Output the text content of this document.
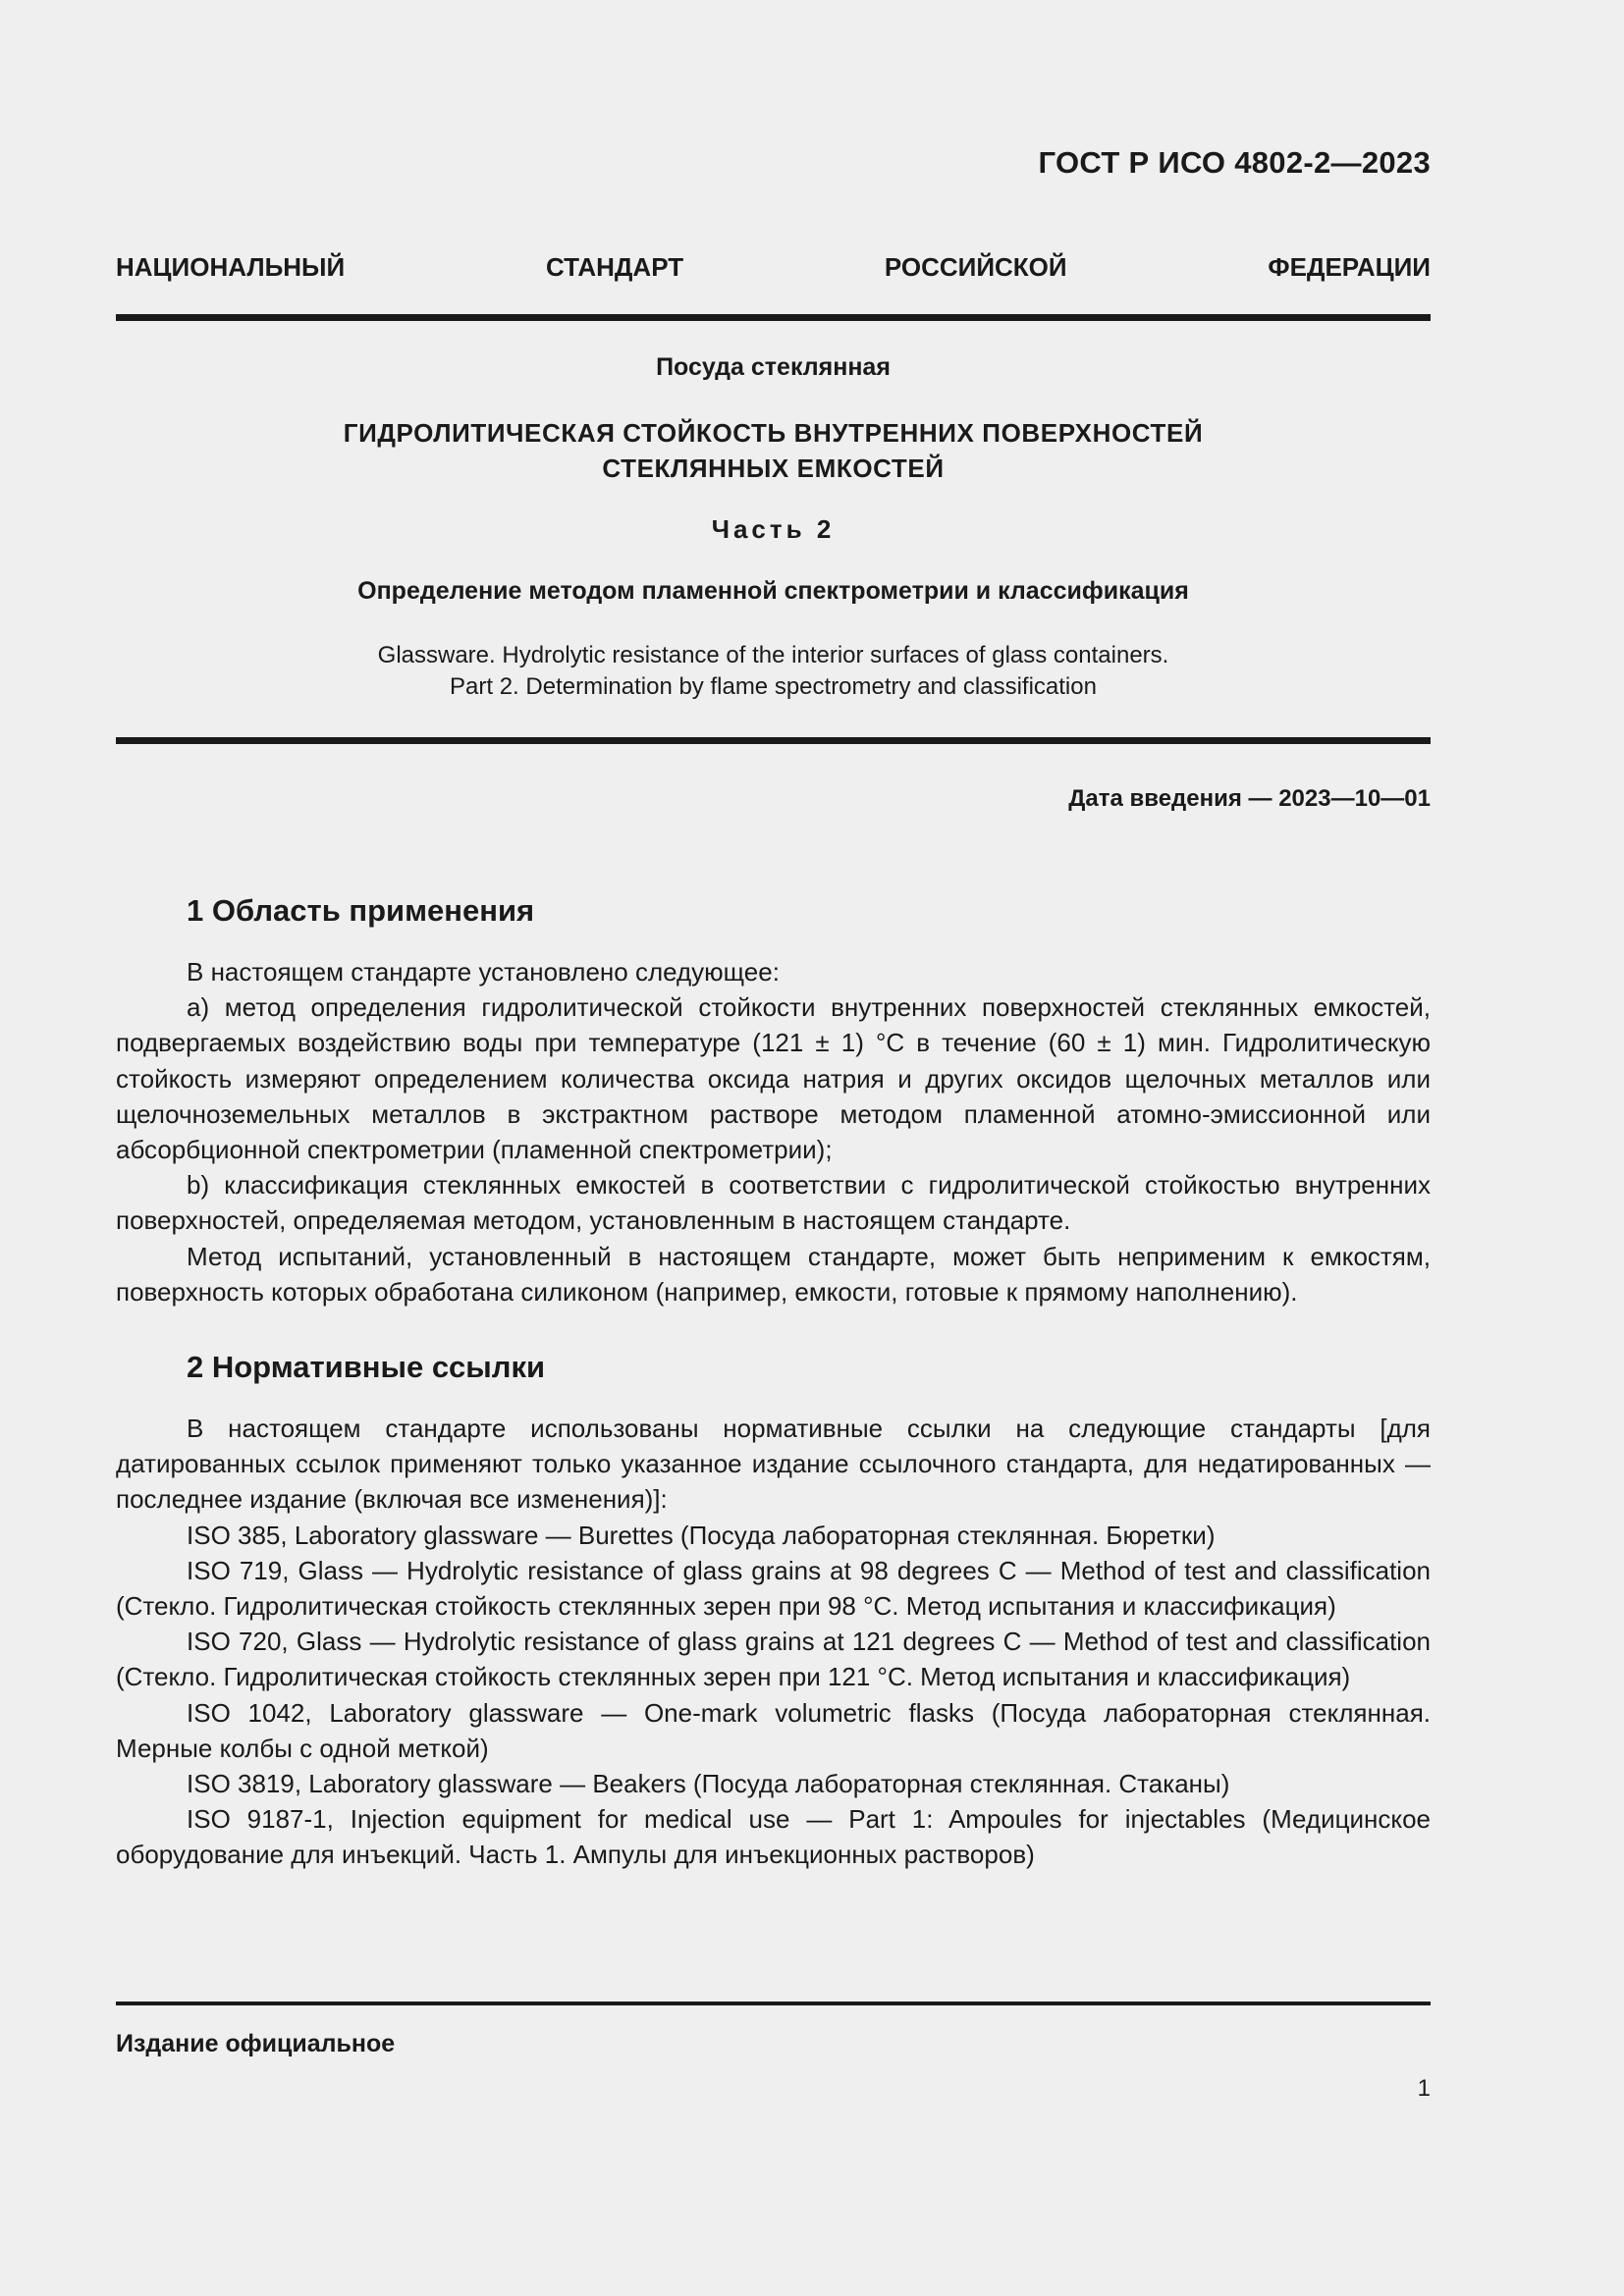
ГОСТ Р ИСО 4802-2—2023
НАЦИОНАЛЬНЫЙ СТАНДАРТ РОССИЙСКОЙ ФЕДЕРАЦИИ
Посуда стеклянная
ГИДРОЛИТИЧЕСКАЯ СТОЙКОСТЬ ВНУТРЕННИХ ПОВЕРХНОСТЕЙ
СТЕКЛЯННЫХ ЕМКОСТЕЙ
Часть 2
Определение методом пламенной спектрометрии и классификация
Glassware. Hydrolytic resistance of the interior surfaces of glass containers.
Part 2. Determination by flame spectrometry and classification
Дата введения — 2023—10—01
1 Область применения

В настоящем стандарте установлено следующее:

a) метод определения гидролитической стойкости внутренних поверхностей стеклянных емкостей, подвергаемых воздействию воды при температуре (121 ± 1) °C в течение (60 ± 1) мин. Гидролитическую стойкость измеряют определением количества оксида натрия и других оксидов щелочных металлов или щелочноземельных металлов в экстрактном растворе методом пламенной атомно-эмиссионной или абсорбционной спектрометрии (пламенной спектрометрии);

b) классификация стеклянных емкостей в соответствии с гидролитической стойкостью внутренних поверхностей, определяемая методом, установленным в настоящем стандарте.

Метод испытаний, установленный в настоящем стандарте, может быть неприменим к емкостям, поверхность которых обработана силиконом (например, емкости, готовые к прямому наполнению).

2 Нормативные ссылки

В настоящем стандарте использованы нормативные ссылки на следующие стандарты [для датированных ссылок применяют только указанное издание ссылочного стандарта, для недатированных — последнее издание (включая все изменения)]:

ISO 385, Laboratory glassware — Burettes (Посуда лабораторная стеклянная. Бюретки)

ISO 719, Glass — Hydrolytic resistance of glass grains at 98 degrees C — Method of test and classification (Стекло. Гидролитическая стойкость стеклянных зерен при 98 °C. Метод испытания и классификация)

ISO 720, Glass — Hydrolytic resistance of glass grains at 121 degrees C — Method of test and classification (Стекло. Гидролитическая стойкость стеклянных зерен при 121 °C. Метод испытания и классификация)

ISO 1042, Laboratory glassware — One-mark volumetric flasks (Посуда лабораторная стеклянная. Мерные колбы с одной меткой)

ISO 3819, Laboratory glassware — Beakers (Посуда лабораторная стеклянная. Стаканы)

ISO 9187-1, Injection equipment for medical use — Part 1: Ampoules for injectables (Медицинское оборудование для инъекций. Часть 1. Ампулы для инъекционных растворов)

Издание официальное
1
